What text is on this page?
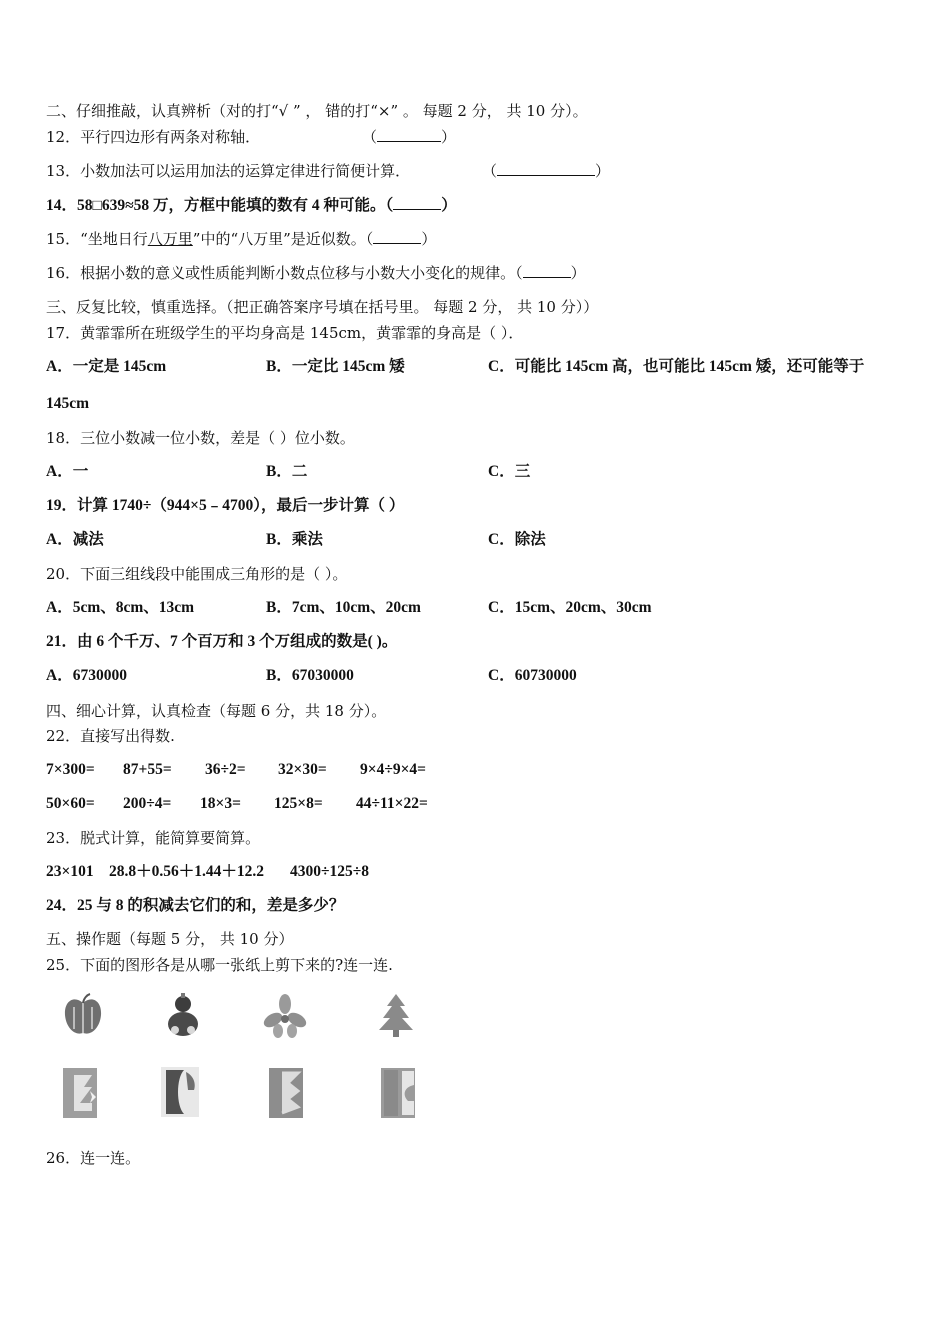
二、仔细推敲，认真辨析（对的打“√ ” ， 错的打“×” 。 每题 2 分， 共 10 分）。
12．平行四边形有两条对称轴．	（	）
13．小数加法可以运用加法的运算定律进行简便计算．	（	）
14．58□639≈58 万，方框中能填的数有 4 种可能。（	）
15．“坐地日行八万里”中的“八万里”是近似数。（	）
16．根据小数的意义或性质能判断小数点位移与小数大小变化的规律。（	）
三、反复比较，慎重选择。（把正确答案序号填在括号里。 每题 2 分， 共 10 分））
17．黄霏霏所在班级学生的平均身高是 145cm，黄霏霏的身高是（ ）．
A．一定是 145cm	B．一定比 145cm 矮	C．可能比 145cm 高，也可能比 145cm 矮，还可能等于
145cm
18．三位小数减一位小数，差是（ ）位小数。
A．一	B．二	C．三
19．计算 1740÷（944×5﹣4700），最后一步计算（ ）
A．减法	B．乘法	C．除法
20．下面三组线段中能围成三角形的是（ ）。
A．5cm、8cm、13cm	B．7cm、10cm、20cm	C．15cm、20cm、30cm
21．由 6 个千万、7 个百万和 3 个万组成的数是( )。
A．6730000	B．67030000	C．60730000
四、细心计算，认真检查（每题 6 分，共 18 分）。
22．直接写出得数.
7×300= 87+55= 36÷2= 32×30= 9×4÷9×4=
50×60= 200÷4= 18×3= 125×8= 44÷11×22=
23．脱式计算，能简算要简算。
23×101 28.8＋0.56＋1.44＋12.2 4300÷125÷8
24．25 与 8 的积减去它们的和，差是多少？
五、操作题（每题 5 分， 共 10 分）
25．下面的图形各是从哪一张纸上剪下来的?连一连.
26．连一连。
